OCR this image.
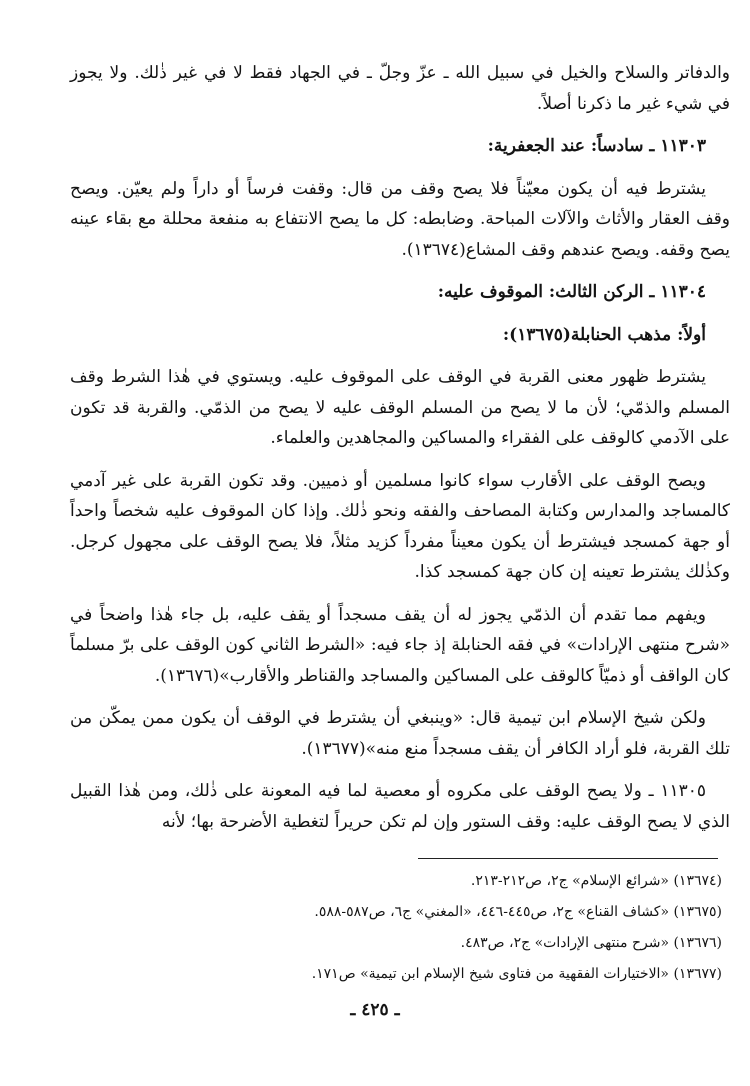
والدفاتر والسلاح والخيل في سبيل الله ـ عزّ وجلّ ـ في الجهاد فقط لا في غير ذٰلك. ولا يجوز في شيء غير ما ذكرنا أصلاً.

١١٣٠٣ ـ سادساً: عند الجعفرية:

يشترط فيه أن يكون معيّناً فلا يصح وقف من قال: وقفت فرساً أو داراً ولم يعيّن. ويصح وقف العقار والأثاث والآلات المباحة. وضابطه: كل ما يصح الانتفاع به منفعة محللة مع بقاء عينه يصح وقفه. ويصح عندهم وقف المشاع(١٣٦٧٤).

١١٣٠٤ ـ الركن الثالث: الموقوف عليه:

أولاً: مذهب الحنابلة(١٣٦٧٥):

يشترط ظهور معنى القربة في الوقف على الموقوف عليه. ويستوي في هٰذا الشرط وقف المسلم والذمّي؛ لأن ما لا يصح من المسلم الوقف عليه لا يصح من الذمّي. والقربة قد تكون على الآدمي كالوقف على الفقراء والمساكين والمجاهدين والعلماء.

ويصح الوقف على الأقارب سواء كانوا مسلمين أو ذميين. وقد تكون القربة على غير آدمي كالمساجد والمدارس وكتابة المصاحف والفقه ونحو ذٰلك. وإذا كان الموقوف عليه شخصاً واحداً أو جهة كمسجد فيشترط أن يكون معيناً مفرداً كزيد مثلاً، فلا يصح الوقف على مجهول كرجل. وكذٰلك يشترط تعينه إن كان جهة كمسجد كذا.

ويفهم مما تقدم أن الذمّي يجوز له أن يقف مسجداً أو يقف عليه، بل جاء هٰذا واضحاً في «شرح منتهى الإرادات» في فقه الحنابلة إذ جاء فيه: «الشرط الثاني كون الوقف على برّ مسلماً كان الواقف أو ذميّاً كالوقف على المساكين والمساجد والقناطر والأقارب»(١٣٦٧٦).

ولكن شيخ الإسلام ابن تيمية قال: «وينبغي أن يشترط في الوقف أن يكون ممن يمكّن من تلك القربة، فلو أراد الكافر أن يقف مسجداً منع منه»(١٣٦٧٧).

١١٣٠٥ ـ ولا يصح الوقف على مكروه أو معصية لما فيه المعونة على ذٰلك، ومن هٰذا القبيل الذي لا يصح الوقف عليه: وقف الستور وإن لم تكن حريراً لتغطية الأضرحة بها؛ لأنه

(١٣٦٧٤) «شرائع الإسلام» ج٢، ص٢١٢-٢١٣.

(١٣٦٧٥) «كشاف القناع» ج٢، ص٤٤٥-٤٤٦، «المغني» ج٦، ص٥٨٧-٥٨٨.

(١٣٦٧٦) «شرح منتهى الإرادات» ج٢، ص٤٨٣.

(١٣٦٧٧) «الاختيارات الفقهية من فتاوى شيخ الإسلام ابن تيمية» ص١٧١.

ـ ٤٢٥ ـ
